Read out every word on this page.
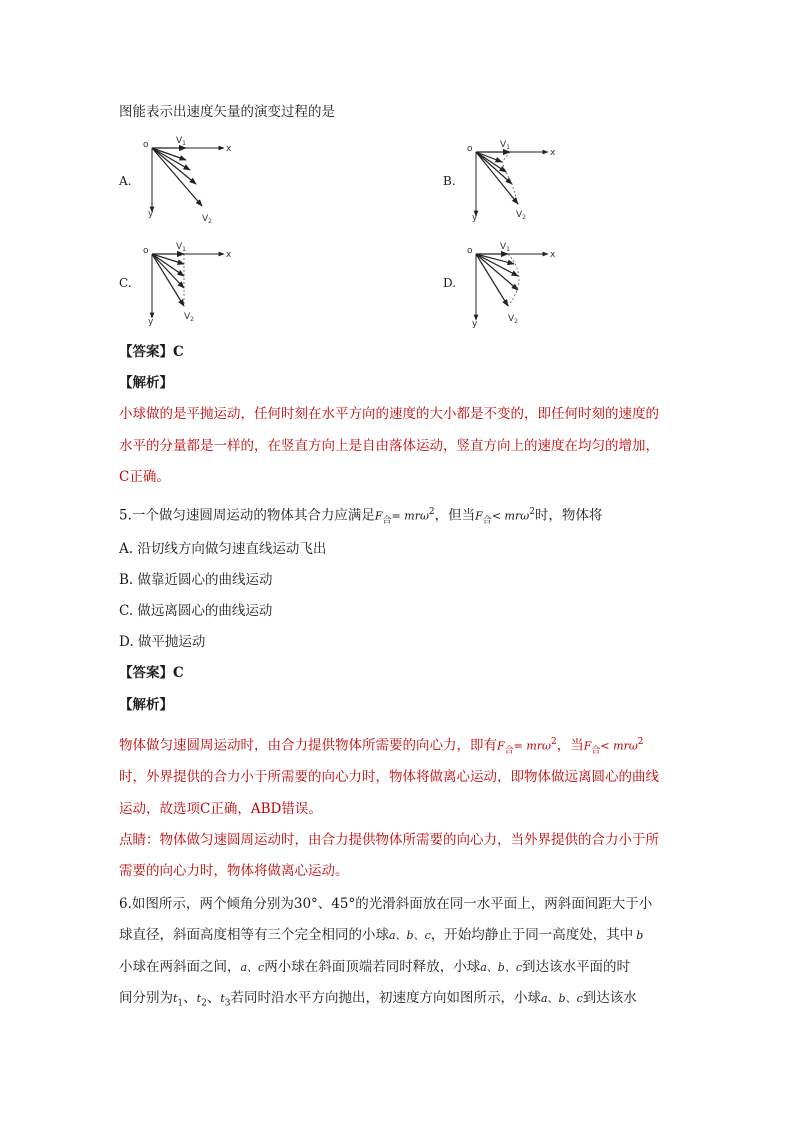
图能表示出速度矢量的演变过程的是
A.
o	x
y
$V_1$
$V_2$
B.
o	x
y
$V_1$
$V_2$
C.
o	x
y
$V_1$
$V_2$
D.
o	x
y
$V_1$
$V_2$
【答案】C
【解析】
小球做的是平抛运动，任何时刻在水平方向的速度的大小都是不变的，即任何时刻的速度的
水平的分量都是一样的，在竖直方向上是自由落体运动，竖直方向上的速度在均匀的增加，
C正确。
5.一个做匀速圆周运动的物体其合力应满足$F_合= mr\omega^2$，但当$F_合< mr\omega^2$时，物体将
A. 沿切线方向做匀速直线运动飞出
B. 做靠近圆心的曲线运动
C. 做远离圆心的曲线运动
D. 做平抛运动
【答案】C
【解析】
物体做匀速圆周运动时，由合力提供物体所需要的向心力，即有$F_合= mr\omega^2$，当$F_合< mr\omega^2$
时，外界提供的合力小于所需要的向心力时，物体将做离心运动，即物体做远离圆心的曲线
运动，故选项C正确，ABD错误。
点睛：物体做匀速圆周运动时，由合力提供物体所需要的向心力，当外界提供的合力小于所
需要的向心力时，物体将做离心运动。
6.如图所示，两个倾角分别为30°、45°的光滑斜面放在同一水平面上，两斜面间距大于小
球直径，斜面高度相等有三个完全相同的小球a、b、c，开始均静止于同一高度处，其中 b
小球在两斜面之间，a、c两小球在斜面顶端若同时释放，小球a、b、c到达该水平面的时
间分别为$t_1$、$t_2$、$t_3$若同时沿水平方向抛出，初速度方向如图所示，小球a、b、c到达该水
